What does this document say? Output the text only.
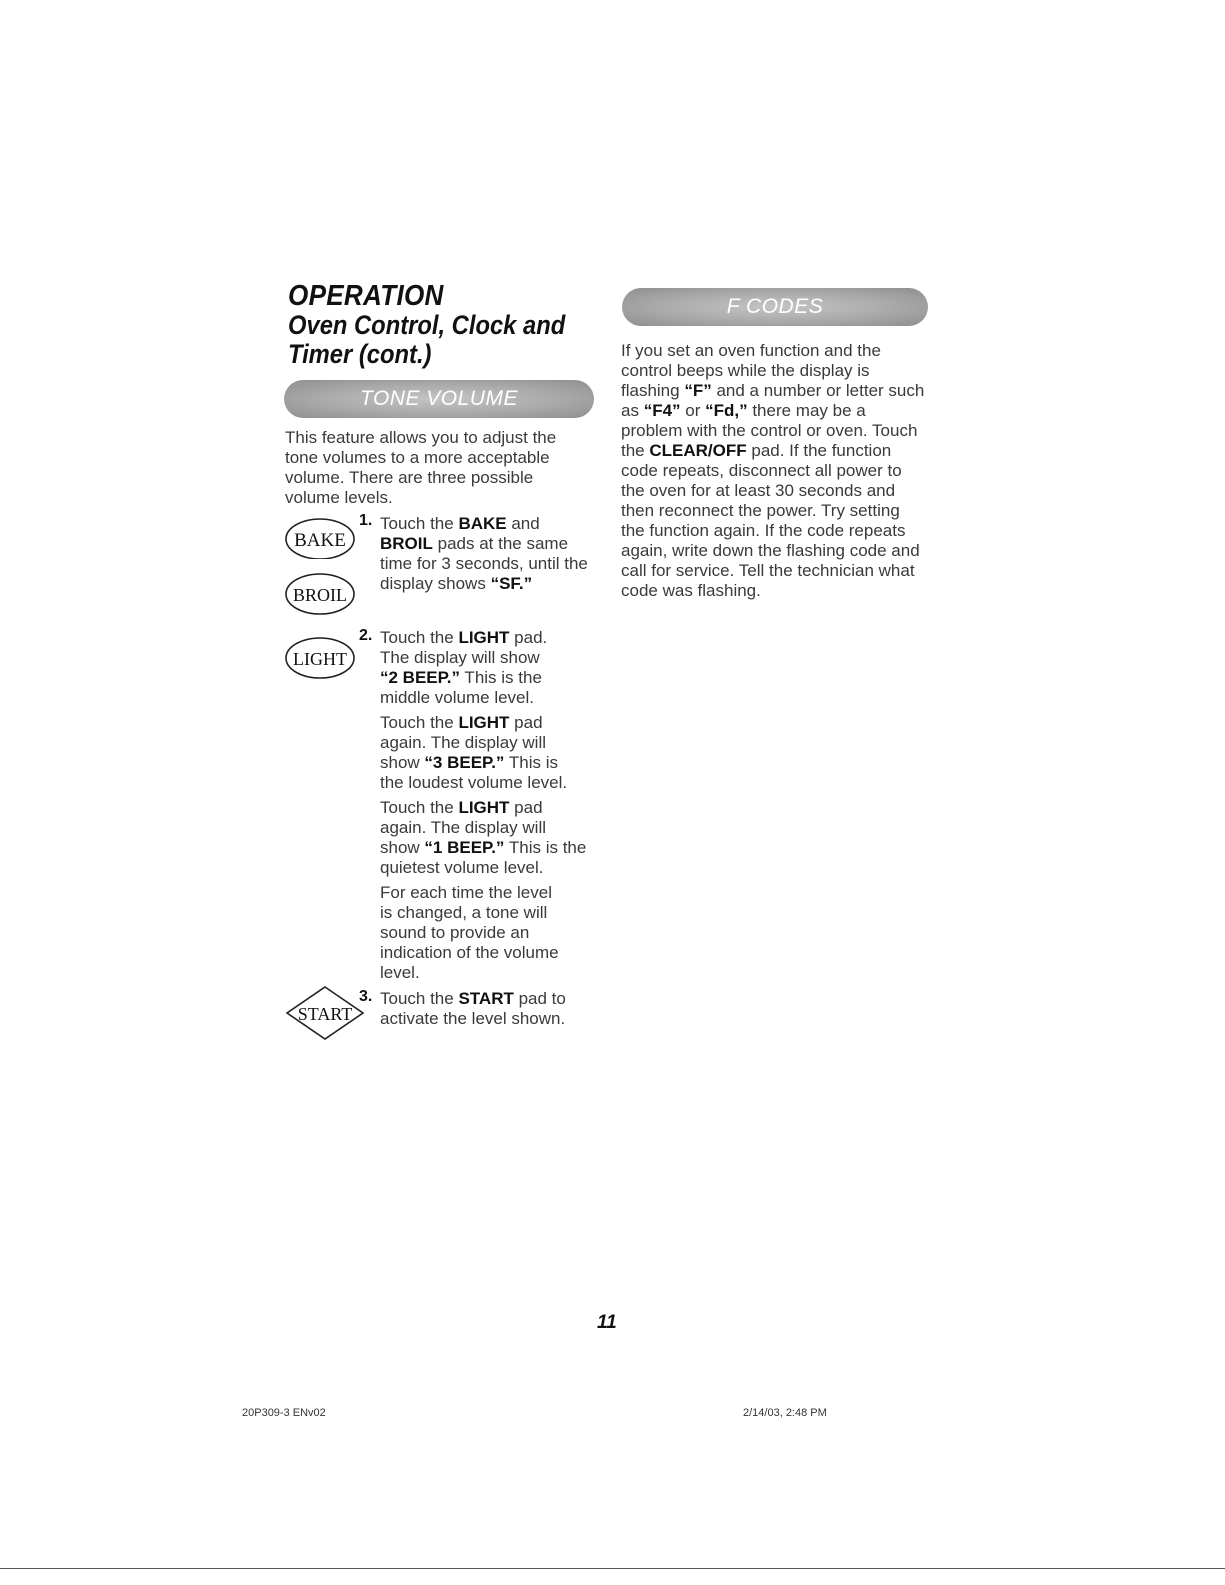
OPERATION
Oven Control, Clock and Timer (cont.)
TONE VOLUME
This feature allows you to adjust the tone volumes to a more acceptable volume. There are three possible volume levels.
BAKE
BROIL
1. Touch the BAKE and BROIL pads at the same time for 3 seconds, until the display shows “SF.”
LIGHT
2. Touch the LIGHT pad. The display will show “2 BEEP.” This is the middle volume level.
Touch the LIGHT pad again. The display will show “3 BEEP.” This is the loudest volume level.
Touch the LIGHT pad again. The display will show “1 BEEP.” This is the quietest volume level.
For each time the level is changed, a tone will sound to provide an indication of the volume level.
START
3. Touch the START pad to activate the level shown.
F CODES
If you set an oven function and the control beeps while the display is flashing “F” and a number or letter such as “F4” or “Fd,” there may be a problem with the control or oven. Touch the CLEAR/OFF pad. If the function code repeats, disconnect all power to the oven for at least 30 seconds and then reconnect the power. Try setting the function again. If the code repeats again, write down the flashing code and call for service. Tell the technician what code was flashing.
11
20P309-3 ENv02	2/14/03, 2:48 PM
